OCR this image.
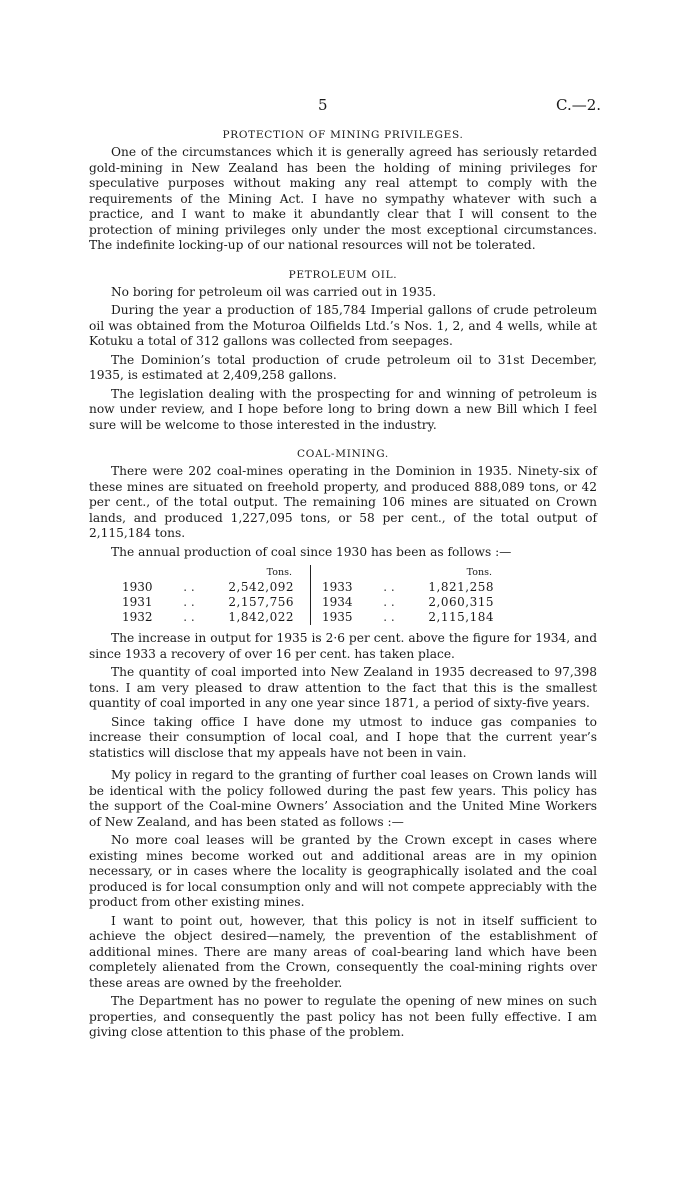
5	C.—2.
PROTECTION OF MINING PRIVILEGES.

One of the circumstances which it is generally agreed has seriously retarded gold-mining in New Zealand has been the holding of mining privileges for speculative purposes without making any real attempt to comply with the requirements of the Mining Act. I have no sympathy whatever with such a practice, and I want to make it abundantly clear that I will consent to the protection of mining privileges only under the most exceptional circumstances. The indefinite locking-up of our national resources will not be tolerated.

PETROLEUM OIL.

No boring for petroleum oil was carried out in 1935.

During the year a production of 185,784 Imperial gallons of crude petroleum oil was obtained from the Moturoa Oilfields Ltd.’s Nos. 1, 2, and 4 wells, while at Kotuku a total of 312 gallons was collected from seepages.

The Dominion’s total production of crude petroleum oil to 31st December, 1935, is estimated at 2,409,258 gallons.

The legislation dealing with the prospecting for and winning of petroleum is now under review, and I hope before long to bring down a new Bill which I feel sure will be welcome to those interested in the industry.

COAL-MINING.

There were 202 coal-mines operating in the Dominion in 1935. Ninety-six of these mines are situated on freehold property, and produced 888,089 tons, or 42 per cent., of the total output. The remaining 106 mines are situated on Crown lands, and produced 1,227,095 tons, or 58 per cent., of the total output of 2,115,184 tons.

The annual production of coal since 1930 has been as follows :—

		Tons.				Tons.
1930	. .	2,542,092		1933	. .	1,821,258
1931	. .	2,157,756		1934	. .	2,060,315
1932	. .	1,842,022		1935	. .	2,115,184

The increase in output for 1935 is 2·6 per cent. above the figure for 1934, and since 1933 a recovery of over 16 per cent. has taken place.

The quantity of coal imported into New Zealand in 1935 decreased to 97,398 tons. I am very pleased to draw attention to the fact that this is the smallest quantity of coal imported in any one year since 1871, a period of sixty-five years.

Since taking office I have done my utmost to induce gas companies to increase their consumption of local coal, and I hope that the current year’s statistics will disclose that my appeals have not been in vain.

My policy in regard to the granting of further coal leases on Crown lands will be identical with the policy followed during the past few years. This policy has the support of the Coal-mine Owners’ Association and the United Mine Workers of New Zealand, and has been stated as follows :—

No more coal leases will be granted by the Crown except in cases where existing mines become worked out and additional areas are in my opinion necessary, or in cases where the locality is geographically isolated and the coal produced is for local consumption only and will not compete appreciably with the product from other existing mines.

I want to point out, however, that this policy is not in itself sufficient to achieve the object desired—namely, the prevention of the establishment of additional mines. There are many areas of coal-bearing land which have been completely alienated from the Crown, consequently the coal-mining rights over these areas are owned by the freeholder.

The Department has no power to regulate the opening of new mines on such properties, and consequently the past policy has not been fully effective. I am giving close attention to this phase of the problem.
